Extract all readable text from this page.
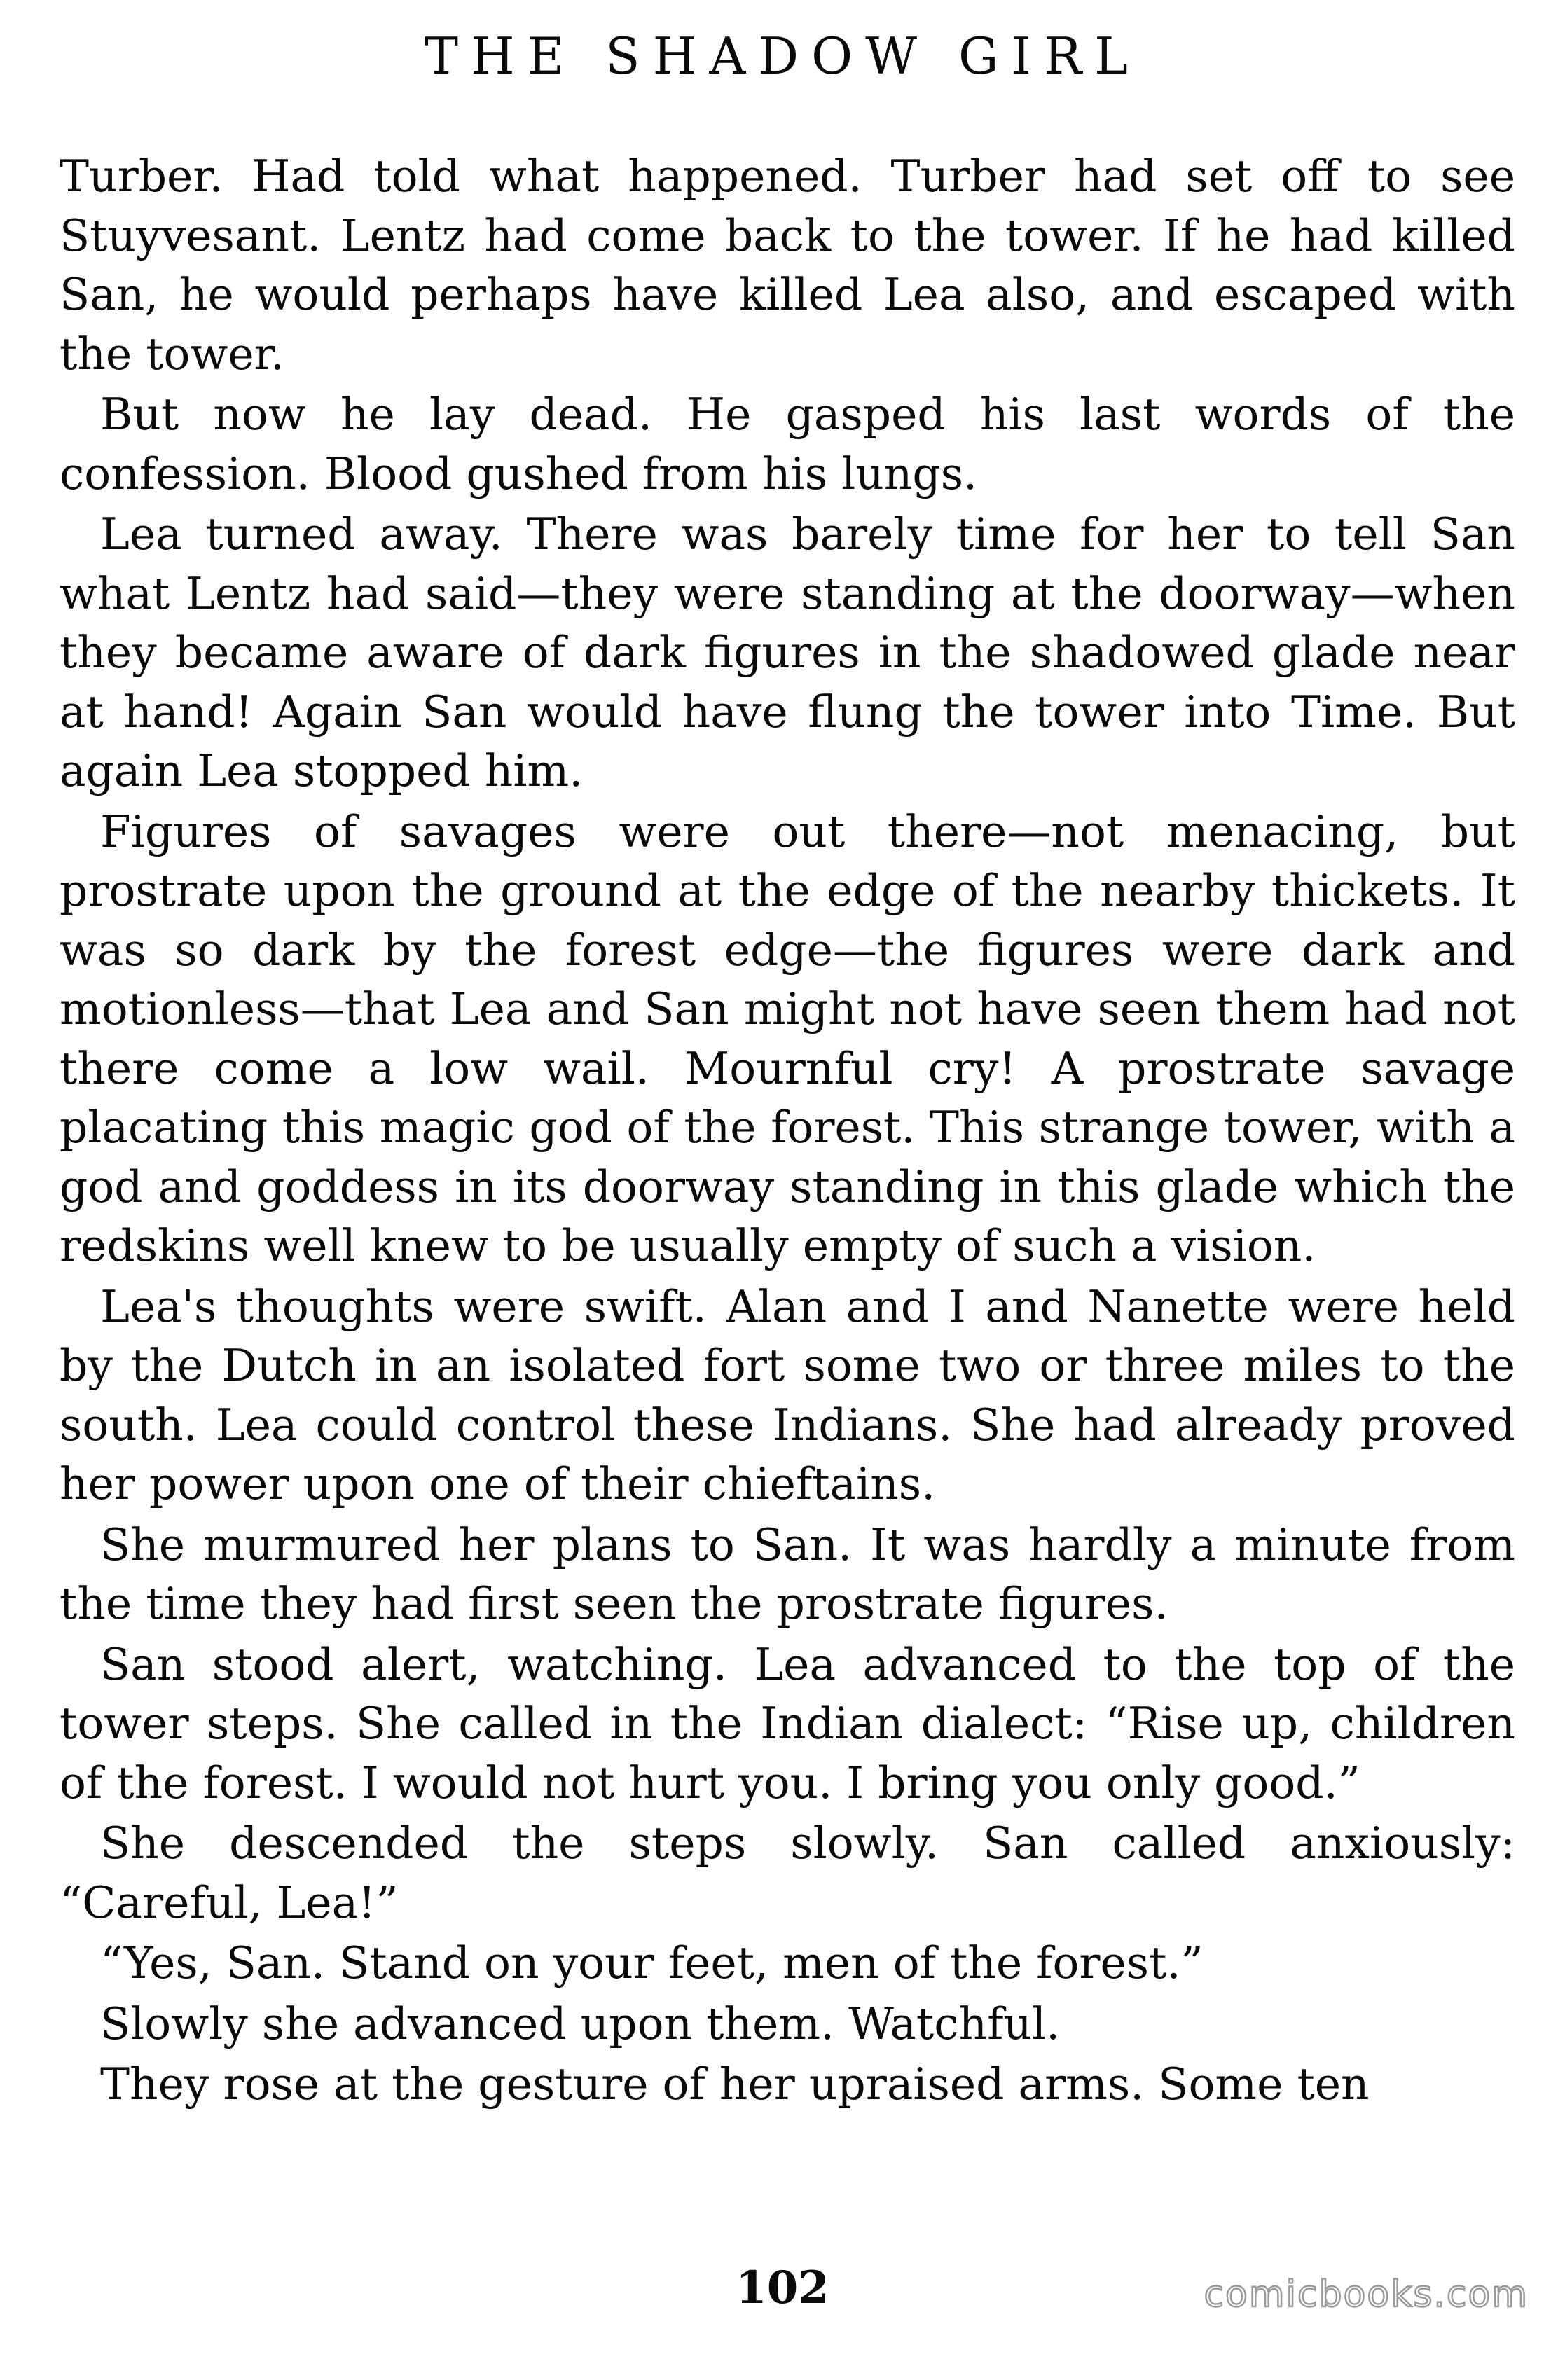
THE SHADOW GIRL

Turber. Had told what happened. Turber had set off to see Stuyvesant. Lentz had come back to the tower. If he had killed San, he would perhaps have killed Lea also, and escaped with the tower.

But now he lay dead. He gasped his last words of the confession. Blood gushed from his lungs.

Lea turned away. There was barely time for her to tell San what Lentz had said—they were standing at the doorway—when they became aware of dark figures in the shadowed glade near at hand! Again San would have flung the tower into Time. But again Lea stopped him.

Figures of savages were out there—not menacing, but prostrate upon the ground at the edge of the nearby thickets. It was so dark by the forest edge—the figures were dark and motionless—that Lea and San might not have seen them had not there come a low wail. Mournful cry! A prostrate savage placating this magic god of the forest. This strange tower, with a god and goddess in its doorway standing in this glade which the redskins well knew to be usually empty of such a vision.

Lea's thoughts were swift. Alan and I and Nanette were held by the Dutch in an isolated fort some two or three miles to the south. Lea could control these Indians. She had already proved her power upon one of their chieftains.

She murmured her plans to San. It was hardly a minute from the time they had first seen the prostrate figures.

San stood alert, watching. Lea advanced to the top of the tower steps. She called in the Indian dialect: “Rise up, children of the forest. I would not hurt you. I bring you only good.”

She descended the steps slowly. San called anxiously: “Careful, Lea!”

“Yes, San. Stand on your feet, men of the forest.”

Slowly she advanced upon them. Watchful.

They rose at the gesture of her upraised arms. Some ten

102	comicbooks.com
